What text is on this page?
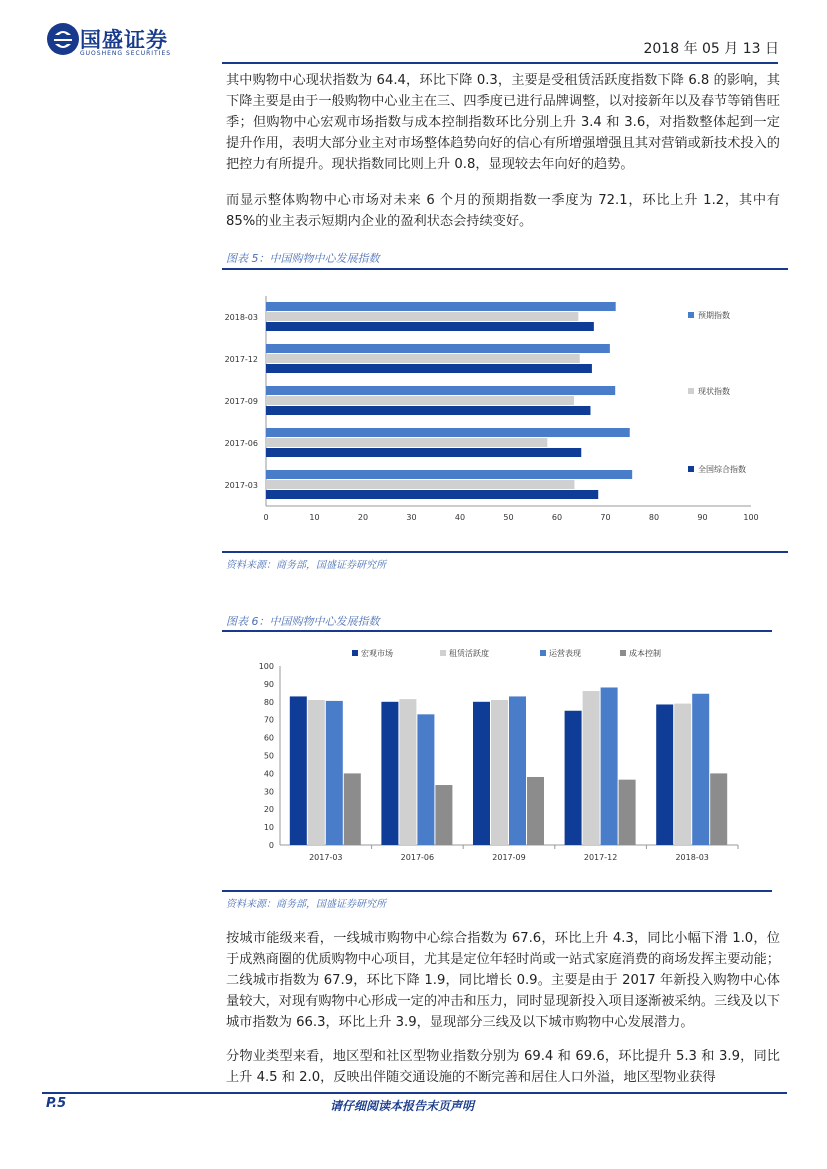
国盛证券
GUOSHENG SECURITIES	2018 年 05 月 13 日
其中购物中心现状指数为 64.4，环比下降 0.3，主要是受租赁活跃度指数下降 6.8 的影响，其下降主要是由于一般购物中心业主在三、四季度已进行品牌调整，以对接新年以及春节等销售旺季；但购物中心宏观市场指数与成本控制指数环比分别上升 3.4 和 3.6，对指数整体起到一定提升作用，表明大部分业主对市场整体趋势向好的信心有所增强增强且其对营销或新技术投入的把控力有所提升。现状指数同比则上升 0.8，显现较去年向好的趋势。
而显示整体购物中心市场对未来 6 个月的预期指数一季度为 72.1，环比上升 1.2，其中有 85%的业主表示短期内企业的盈利状态会持续变好。
图表 5：中国购物中心发展指数
0	10	20	30	40	50	60	70	80	90	100
2018-03
2017-12
2017-09
2017-06
2017-03
预期指数
现状指数
全国综合指数
资料来源：商务部，国盛证券研究所
图表 6：中国购物中心发展指数
0
10
20
30
40
50
60
70
80
90
100
2017-03	2017-06	2017-09	2017-12	2018-03
宏观市场	租赁活跃度	运营表现	成本控制
资料来源：商务部，国盛证券研究所
按城市能级来看，一线城市购物中心综合指数为 67.6，环比上升 4.3，同比小幅下滑 1.0，位于成熟商圈的优质购物中心项目，尤其是定位年轻时尚或一站式家庭消费的商场发挥主要动能；二线城市指数为 67.9，环比下降 1.9，同比增长 0.9。主要是由于 2017 年新投入购物中心体量较大，对现有购物中心形成一定的冲击和压力，同时显现新投入项目逐渐被采纳。三线及以下城市指数为 66.3，环比上升 3.9，显现部分三线及以下城市购物中心发展潜力。
分物业类型来看，地区型和社区型物业指数分别为 69.4 和 69.6，环比提升 5.3 和 3.9，同比上升 4.5 和 2.0，反映出伴随交通设施的不断完善和居住人口外溢，地区型物业获得
P.5	请仔细阅读本报告末页声明
